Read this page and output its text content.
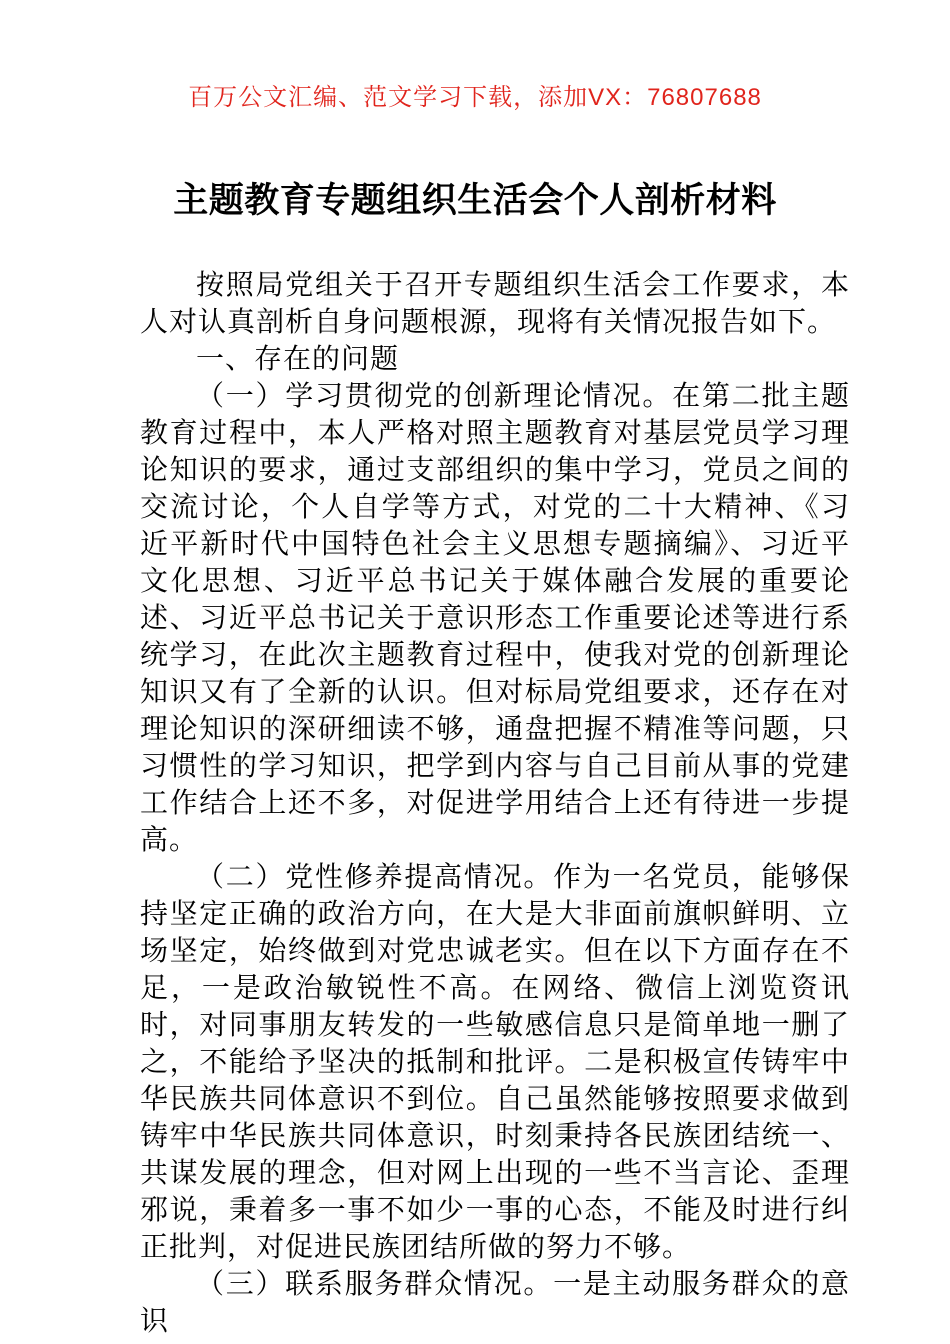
百万公文汇编、范文学习下载，添加VX：76807688
主题教育专题组织生活会个人剖析材料

按照局党组关于召开专题组织生活会工作要求，本人对认真剖析自身问题根源，现将有关情况报告如下。

一、存在的问题

（一）学习贯彻党的创新理论情况。在第二批主题教育过程中，本人严格对照主题教育对基层党员学习理论知识的要求，通过支部组织的集中学习，党员之间的交流讨论，个人自学等方式，对党的二十大精神、《习近平新时代中国特色社会主义思想专题摘编》、习近平文化思想、习近平总书记关于媒体融合发展的重要论述、习近平总书记关于意识形态工作重要论述等进行系统学习，在此次主题教育过程中，使我对党的创新理论知识又有了全新的认识。但对标局党组要求，还存在对理论知识的深研细读不够，通盘把握不精准等问题，只习惯性的学习知识，把学到内容与自己目前从事的党建工作结合上还不多，对促进学用结合上还有待进一步提高。

（二）党性修养提高情况。作为一名党员，能够保持坚定正确的政治方向，在大是大非面前旗帜鲜明、立场坚定，始终做到对党忠诚老实。但在以下方面存在不足，一是政治敏锐性不高。在网络、微信上浏览资讯时，对同事朋友转发的一些敏感信息只是简单地一删了之，不能给予坚决的抵制和批评。二是积极宣传铸牢中华民族共同体意识不到位。自己虽然能够按照要求做到铸牢中华民族共同体意识，时刻秉持各民族团结统一、共谋发展的理念，但对网上出现的一些不当言论、歪理邪说，秉着多一事不如少一事的心态，不能及时进行纠正批判，对促进民族团结所做的努力不够。

（三）联系服务群众情况。一是主动服务群众的意识
